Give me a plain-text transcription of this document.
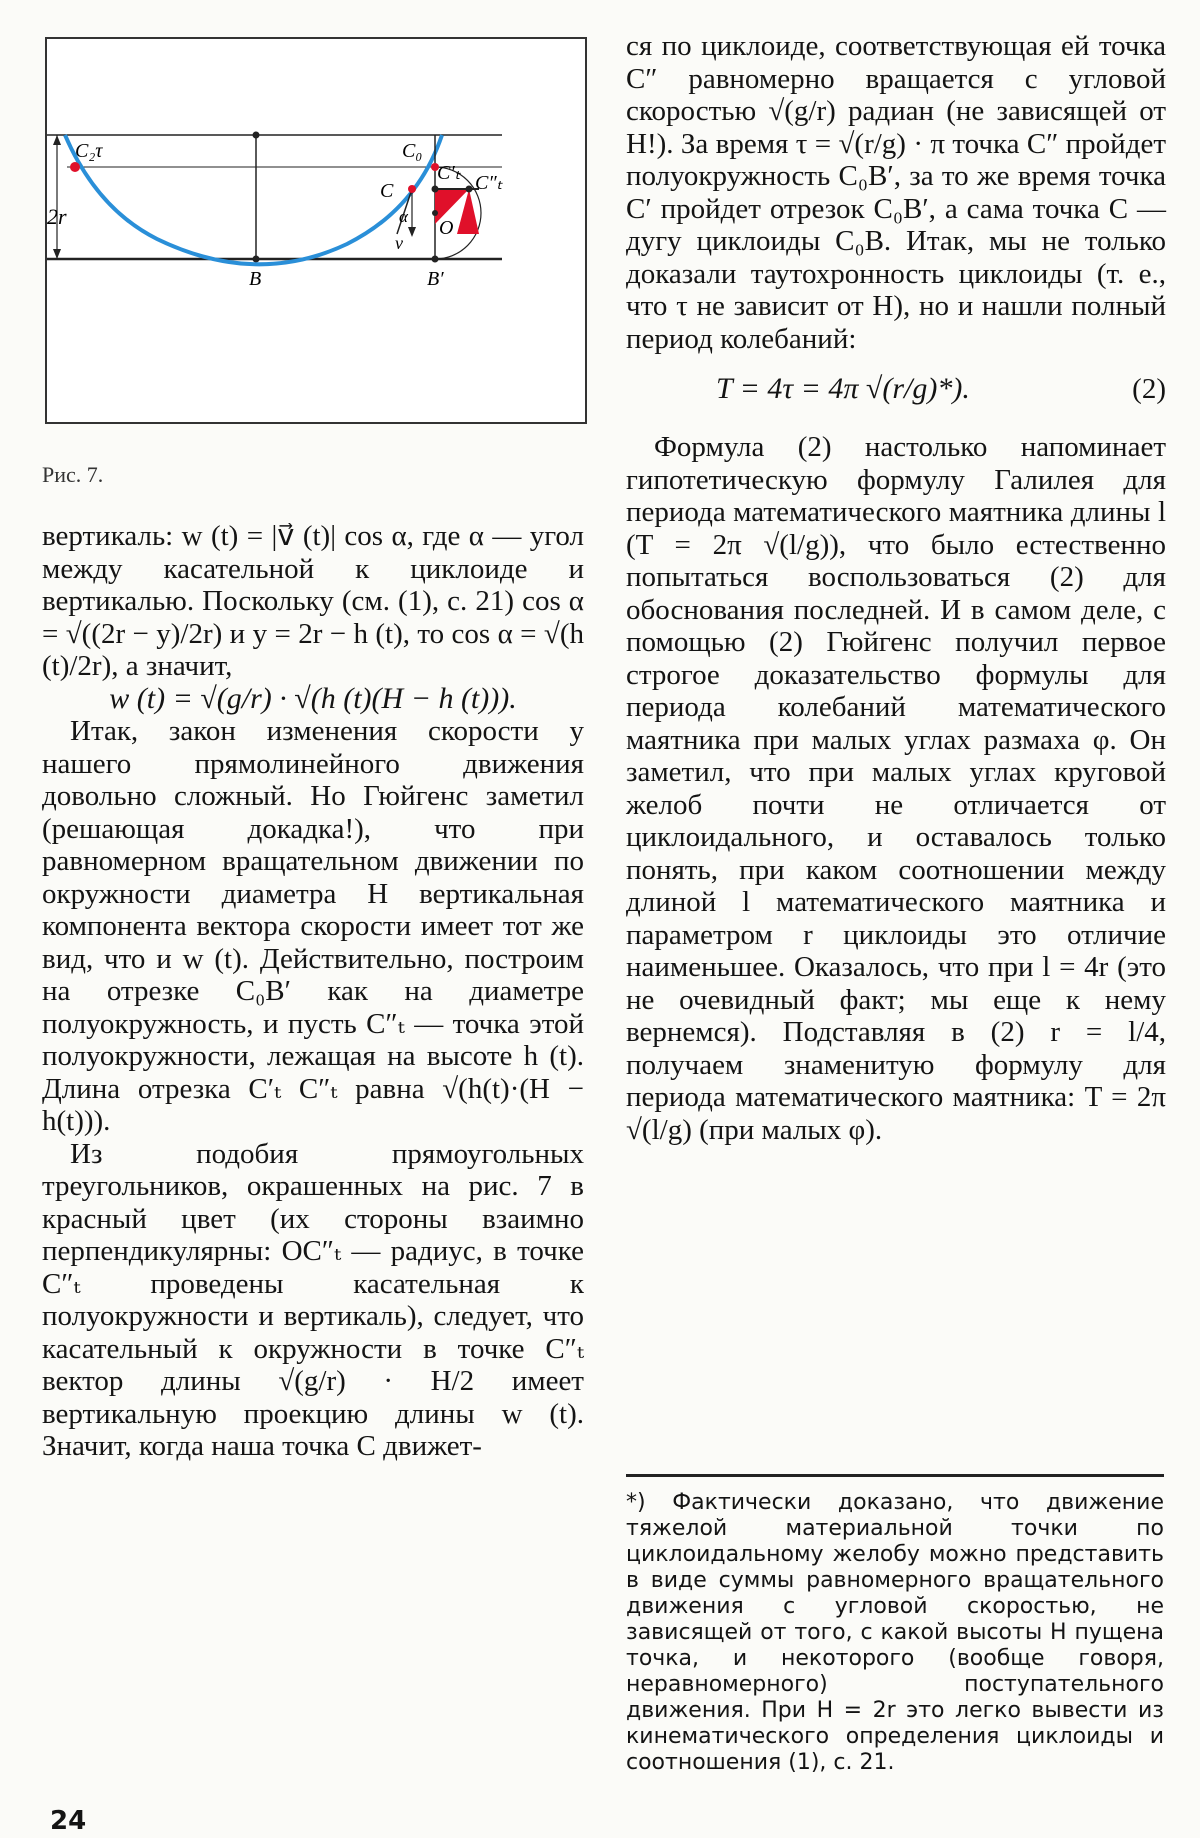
C₂τ	C₀
C
C′ₜ C″ₜ
2r	α
v⃗
O
B	B′
Рис. 7.

вертикаль: w (t) = |v⃗ (t)| cos α, где α — угол между касательной к циклоиде и вертикалью. Поскольку (см. (1), с. 21) cos α = √((2r − y)/2r) и y = 2r − h (t), то cos α = √(h (t)/2r), а значит,

w (t) = √(g/r) · √(h (t)(H − h (t))).

Итак, закон изменения скорости у нашего прямолинейного движения довольно сложный. Но Гюйгенс заметил (решающая докадка!), что при равномерном вращательном движении по окружности диаметра H вертикальная компонента вектора скорости имеет тот же вид, что и w (t). Действительно, построим на отрезке C₀B′ как на диаметре полуокружность, и пусть C″ₜ — точка этой полуокружности, лежащая на высоте h (t). Длина отрезка C′ₜ C″ₜ равна √(h(t)·(H − h(t))).

Из подобия прямоугольных треугольников, окрашенных на рис. 7 в красный цвет (их стороны взаимно перпендикулярны: OC″ₜ — радиус, в точке C″ₜ проведены касательная к полуокружности и вертикаль), следует, что касательный к окружности в точке C″ₜ вектор длины √(g/r) · H/2 имеет вертикальную проекцию длины w (t). Значит, когда наша точка C движет-

ся по циклоиде, соответствующая ей точка C″ равномерно вращается с угловой скоростью √(g/r) радиан (не зависящей от H!). За время τ = √(r/g) · π точка C″ пройдет полуокружность C₀B′, за то же время точка C′ пройдет отрезок C₀B′, а сама точка C — дугу циклоиды C₀B. Итак, мы не только доказали таутохронность циклоиды (т. е., что τ не зависит от H), но и нашли полный период колебаний:

T = 4τ = 4π √(r/g)*).	(2)

Формула (2) настолько напоминает гипотетическую формулу Галилея для периода математического маятника длины l (T = 2π √(l/g)), что было естественно попытаться воспользоваться (2) для обоснования последней. И в самом деле, с помощью (2) Гюйгенс получил первое строгое доказательство формулы для периода колебаний математического маятника при малых углах размаха φ. Он заметил, что при малых углах круговой желоб почти не отличается от циклоидального, и оставалось только понять, при каком соотношении между длиной l математического маятника и параметром r циклоиды это отличие наименьшее. Оказалось, что при l = 4r (это не очевидный факт; мы еще к нему вернемся). Подставляя в (2) r = l/4, получаем знаменитую формулу для периода математического маятника: T = 2π √(l/g) (при малых φ).

*) Фактически доказано, что движение тяжелой материальной точки по циклоидальному желобу можно представить в виде суммы равномерного вращательного движения с угловой скоростью, не зависящей от того, с какой высоты H пущена точка, и некоторого (вообще говоря, неравномерного) поступательного движения. При H = 2r это легко вывести из кинематического определения циклоиды и соотношения (1), с. 21.
24
